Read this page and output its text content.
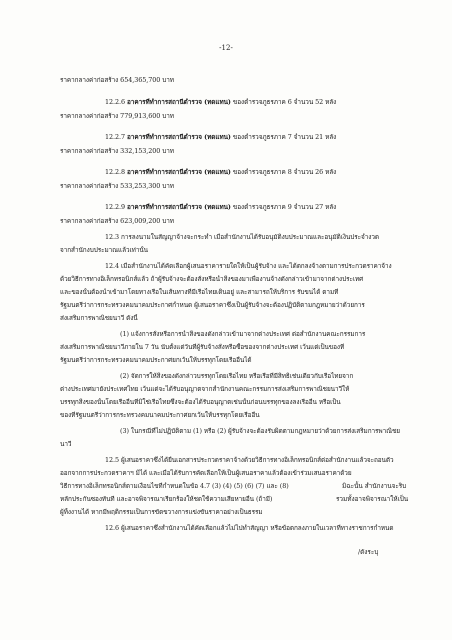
-12-
/ดังระบุ
ราคากลางค่าก่อสร้าง 654,365,700 บาท
12.2.6 อาคารที่ทำการสถานีตำรวจ (ทดแทน) ของตำรวจภูธรภาค 6 จำนวน 52 หลัง
ราคากลางค่าก่อสร้าง 779,913,600 บาท
12.2.7 อาคารที่ทำการสถานีตำรวจ (ทดแทน) ของตำรวจภูธรภาค 7 จำนวน 21 หลัง
ราคากลางค่าก่อสร้าง 332,153,200 บาท
12.2.8 อาคารที่ทำการสถานีตำรวจ (ทดแทน) ของตำรวจภูธรภาค 8 จำนวน 26 หลัง
ราคากลางค่าก่อสร้าง 533,253,300 บาท
12.2.9 อาคารที่ทำการสถานีตำรวจ (ทดแทน) ของตำรวจภูธรภาค 9 จำนวน 27 หลัง
ราคากลางค่าก่อสร้าง 623,009,200 บาท
12.3 การลงนามในสัญญาจ้างจะกระทำ เมื่อสำนักงานได้รับอนุมัติงบประมาณและอนุมัติเงินประจำงวด
จากสำนักงบประมาณแล้วเท่านั้น
12.4 เมื่อสำนักงานได้คัดเลือกผู้เสนอราคารายใดให้เป็นผู้รับจ้าง และได้ตกลงจ้างตามการประกวดราคาจ้าง
ด้วยวิธีการทางอิเล็กทรอนิกส์แล้ว ถ้าผู้รับจ้างจะต้องสั่งหรือนำสิ่งของมาเพื่องานจ้างดังกล่าวเข้ามาจากต่างประเทศ
และของนั้นต้องนำเข้ามาโดยทางเรือในเส้นทางที่มีเรือไทยเดินอยู่ และสามารถให้บริการ รับขนได้ ตามที่
รัฐมนตรีว่าการกระทรวงคมนาคมประกาศกำหนด ผู้เสนอราคาซึ่งเป็นผู้รับจ้างจะต้องปฏิบัติตามกฎหมายว่าด้วยการ
ส่งเสริมการพาณิชยนาวี ดังนี้
(1) แจ้งการสั่งหรือการนำสิ่งของดังกล่าวเข้ามาจากต่างประเทศ ต่อสำนักงานคณะกรรมการ
ส่งเสริมการพาณิชยนาวีภายใน 7 วัน นับตั้งแต่วันที่ผู้รับจ้างสั่งหรือซื้อของจากต่างประเทศ เว้นแต่เป็นของที่
รัฐมนตรีว่าการกระทรวงคมนาคมประกาศยกเว้นให้บรรทุกโดยเรืออื่นได้
(2) จัดการให้สิ่งของดังกล่าวบรรทุกโดยเรือไทย หรือเรือที่มีสิทธิเช่นเดียวกับเรือไทยจาก
ต่างประเทศมายังประเทศไทย เว้นแต่จะได้รับอนุญาตจากสำนักงานคณะกรรมการส่งเสริมการพาณิชยนาวีให้
บรรทุกสิ่งของนั้นโดยเรืออื่นที่มิใช่เรือไทยซึ่งจะต้องได้รับอนุญาตเช่นนั้นก่อนบรรทุกของลงเรืออื่น หรือเป็น
ของที่รัฐมนตรีว่าการกระทรวงคมนาคมประกาศยกเว้นให้บรรทุกโดยเรืออื่น
(3) ในกรณีที่ไม่ปฏิบัติตาม (1) หรือ (2) ผู้รับจ้างจะต้องรับผิดตามกฎหมายว่าด้วยการส่งเสริมการพาณิชย
นาวี
12.5 ผู้เสนอราคาซึ่งได้ยื่นเอกสารประกวดราคาจ้างด้วยวิธีการทางอิเล็กทรอนิกส์ต่อสำนักงานแล้วจะถอนตัว
ออกจากการประกวดราคาฯ มิได้ และเมื่อได้รับการคัดเลือกให้เป็นผู้เสนอราคาแล้วต้องเข้าร่วมเสนอราคาด้วย
วิธีการทางอิเล็กทรอนิกส์ตามเงื่อนไขที่กำหนดในข้อ 4.7 (3) (4) (5) (6) (7) และ (8)
หลักประกันซองทันที และอาจพิจารณาเรียกร้องให้ชดใช้ความเสียหายอื่น (ถ้ามี)
ผู้ทิ้งงานได้ หากมีพฤติกรรมเป็นการขัดขวางการแข่งขันราคาอย่างเป็นธรรม
12.6 ผู้เสนอราคาซึ่งสำนักงานได้คัดเลือกแล้วไม่ไปทำสัญญา หรือข้อตกลงภายในเวลาที่ทางราชการกำหนด
มิฉะนั้น สำนักงานจะริบ
รวมทั้งอาจพิจารณาให้เป็น
